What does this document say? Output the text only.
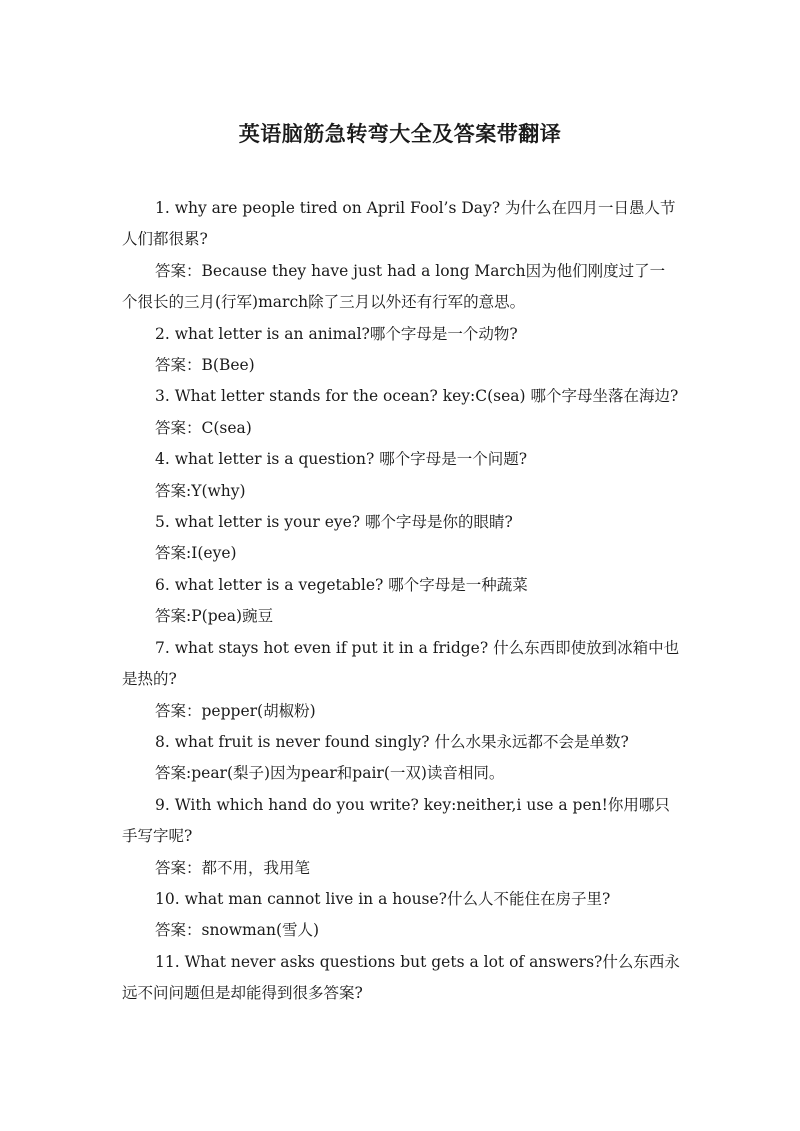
英语脑筋急转弯大全及答案带翻译

1. why are people tired on April Fool’s Day? 为什么在四月一日愚人节人们都很累?

答案：Because they have just had a long March因为他们刚度过了一个很长的三月(行军)march除了三月以外还有行军的意思。

2. what letter is an animal?哪个字母是一个动物?

答案：B(Bee)

3. What letter stands for the ocean? key:C(sea) 哪个字母坐落在海边?

答案：C(sea)

4. what letter is a question? 哪个字母是一个问题?

答案:Y(why)

5. what letter is your eye? 哪个字母是你的眼睛?

答案:I(eye)

6. what letter is a vegetable? 哪个字母是一种蔬菜

答案:P(pea)豌豆

7. what stays hot even if put it in a fridge? 什么东西即使放到冰箱中也是热的?

答案：pepper(胡椒粉)

8. what fruit is never found singly? 什么水果永远都不会是单数?

答案:pear(梨子)因为pear和pair(一双)读音相同。

9. With which hand do you write? key:neither,i use a pen!你用哪只手写字呢?

答案：都不用，我用笔

10. what man cannot live in a house?什么人不能住在房子里?

答案：snowman(雪人)

11. What never asks questions but gets a lot of answers?什么东西永远不问问题但是却能得到很多答案?
